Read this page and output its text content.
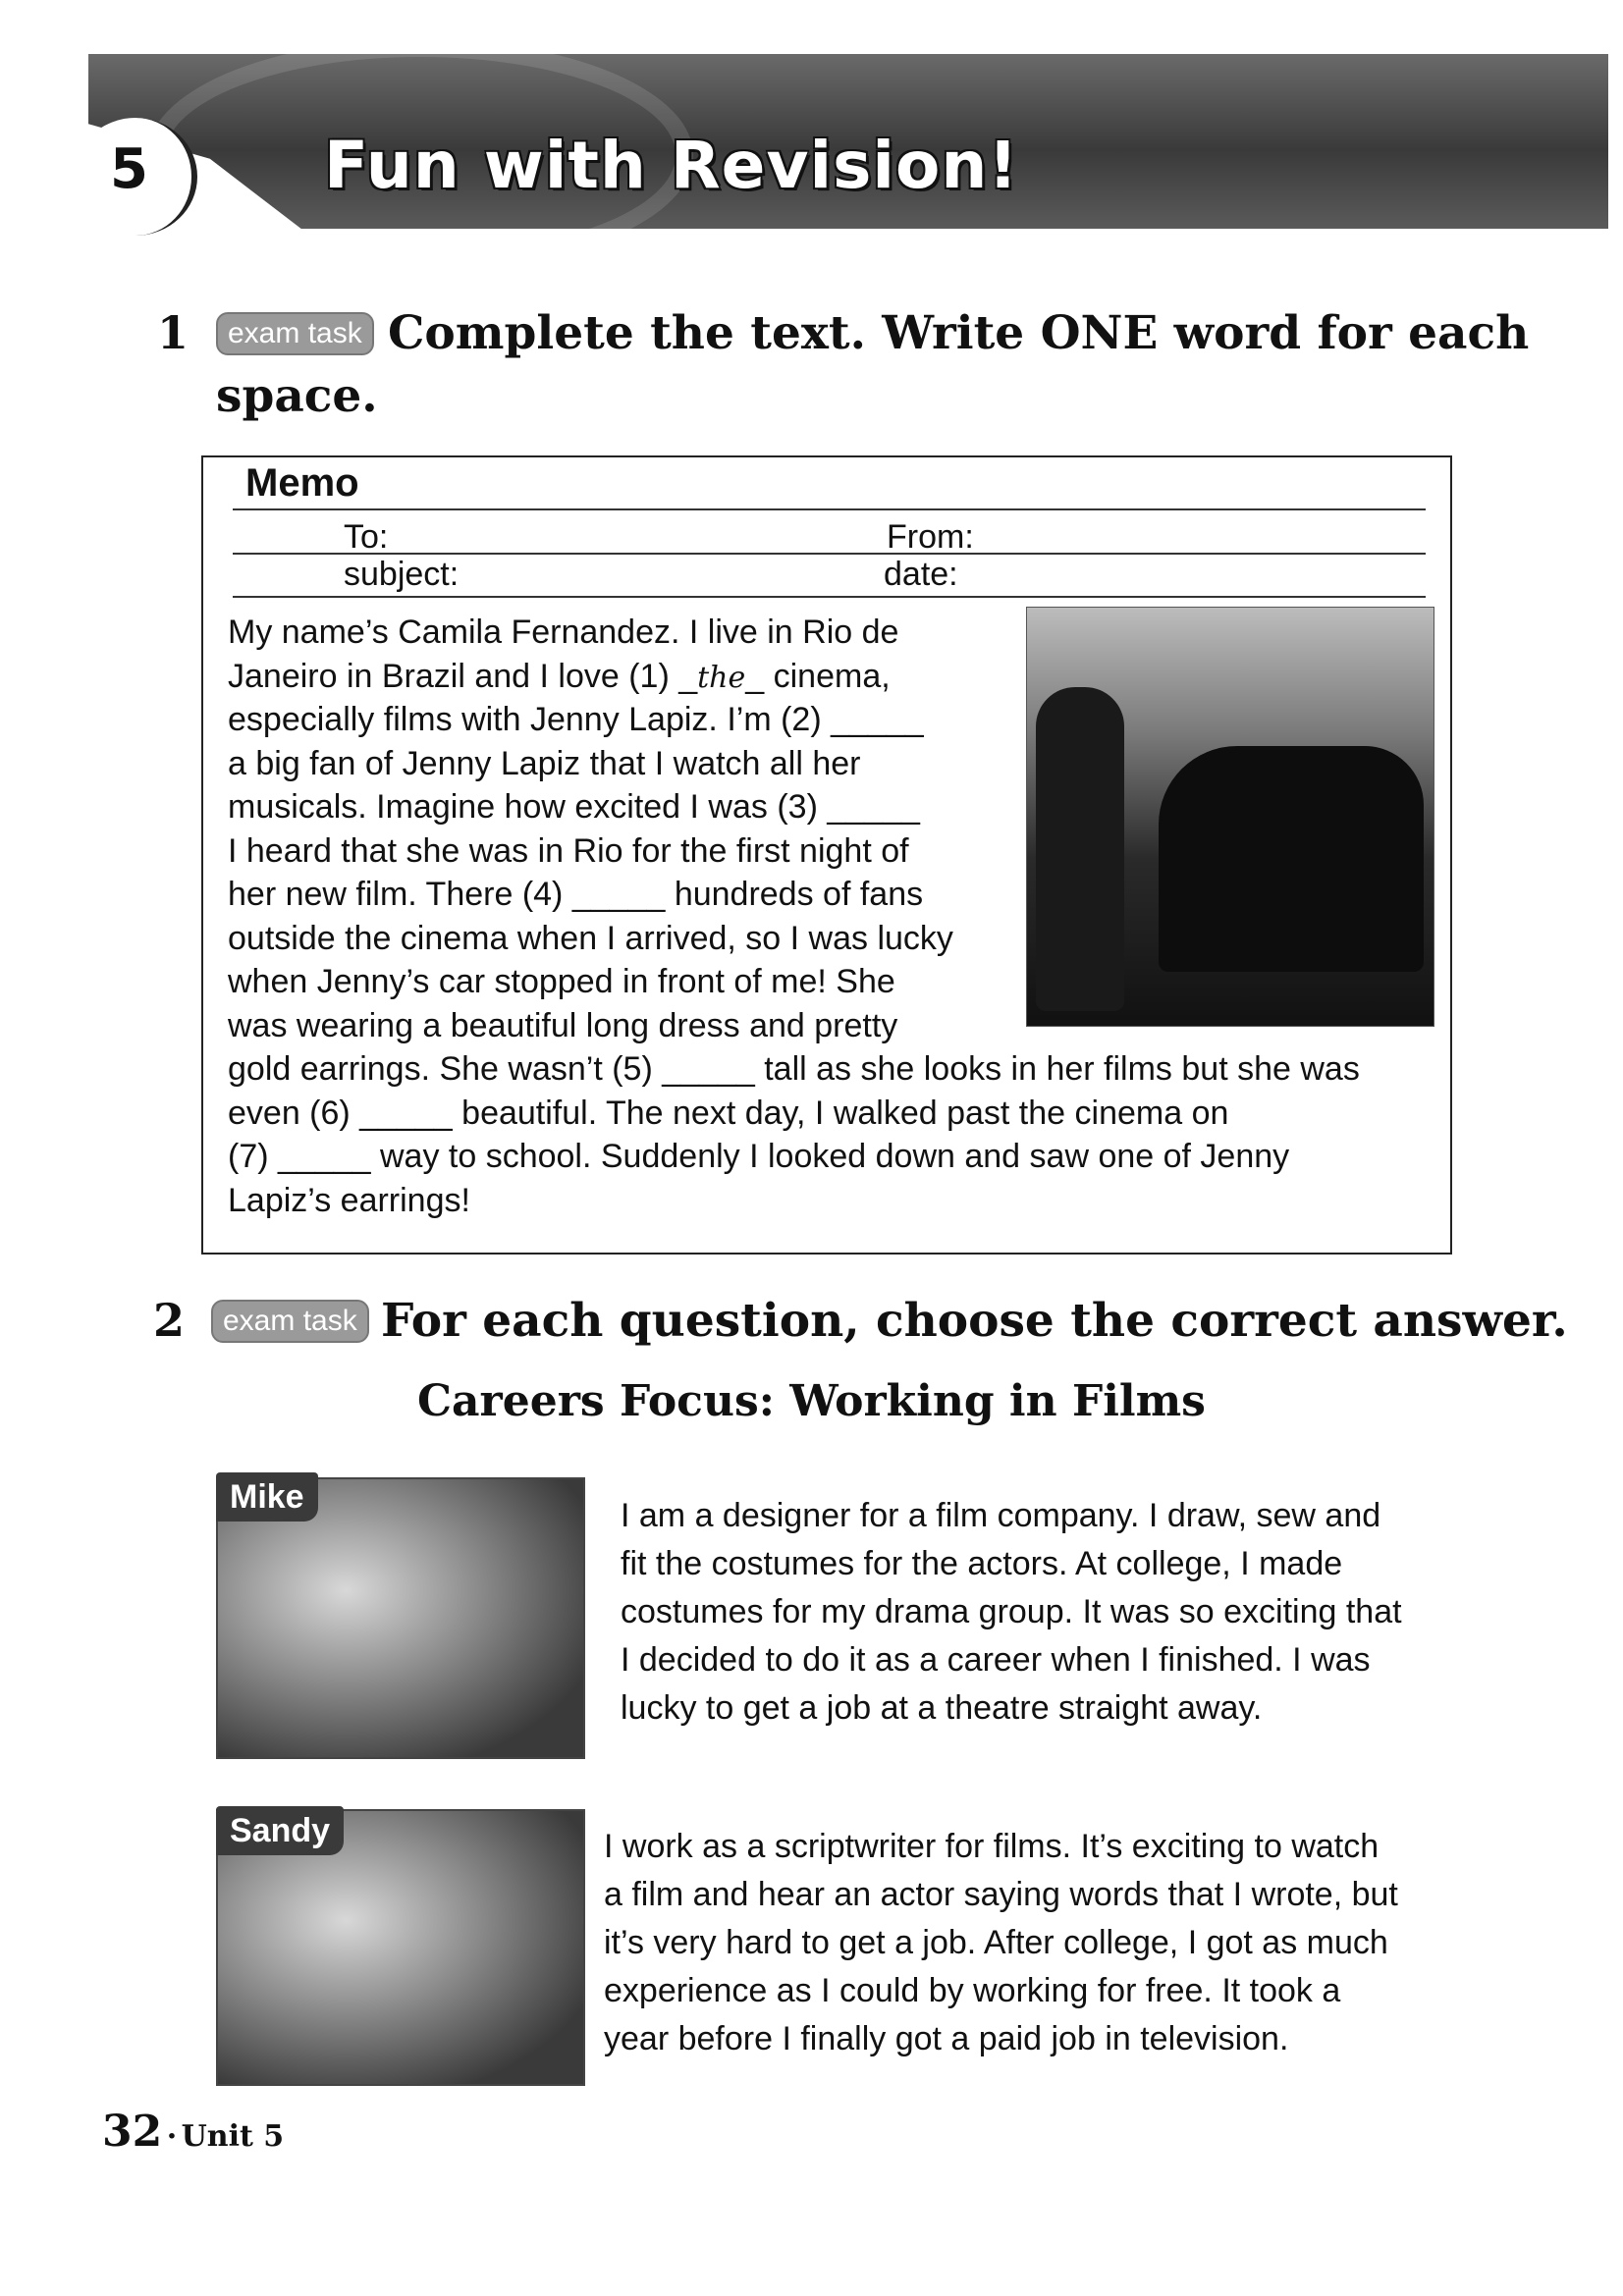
5	Fun with Revision!
1	exam task Complete the text. Write ONE word for each
space.
Memo
To:	From:
subject:	date:
My name’s Camila Fernandez. I live in Rio de
Janeiro in Brazil and I love (1) _the_ cinema,
especially films with Jenny Lapiz. I’m (2) _____
a big fan of Jenny Lapiz that I watch all her
musicals. Imagine how excited I was (3) _____
I heard that she was in Rio for the first night of
her new film. There (4) _____ hundreds of fans
outside the cinema when I arrived, so I was lucky
when Jenny’s car stopped in front of me! She
was wearing a beautiful long dress and pretty
gold earrings. She wasn’t (5) _____ tall as she looks in her films but she was
even (6) _____ beautiful. The next day, I walked past the cinema on
(7) _____ way to school. Suddenly I looked down and saw one of Jenny
Lapiz’s earrings!
2	exam task For each question, choose the correct answer.
Careers Focus: Working in Films
Mike	I am a designer for a film company. I draw, sew and
fit the costumes for the actors. At college, I made
costumes for my drama group. It was so exciting that
I decided to do it as a career when I finished. I was
lucky to get a job at a theatre straight away.
Sandy	I work as a scriptwriter for films. It’s exciting to watch
a film and hear an actor saying words that I wrote, but
it’s very hard to get a job. After college, I got as much
experience as I could by working for free. It took a
year before I finally got a paid job in television.
32 · Unit 5
